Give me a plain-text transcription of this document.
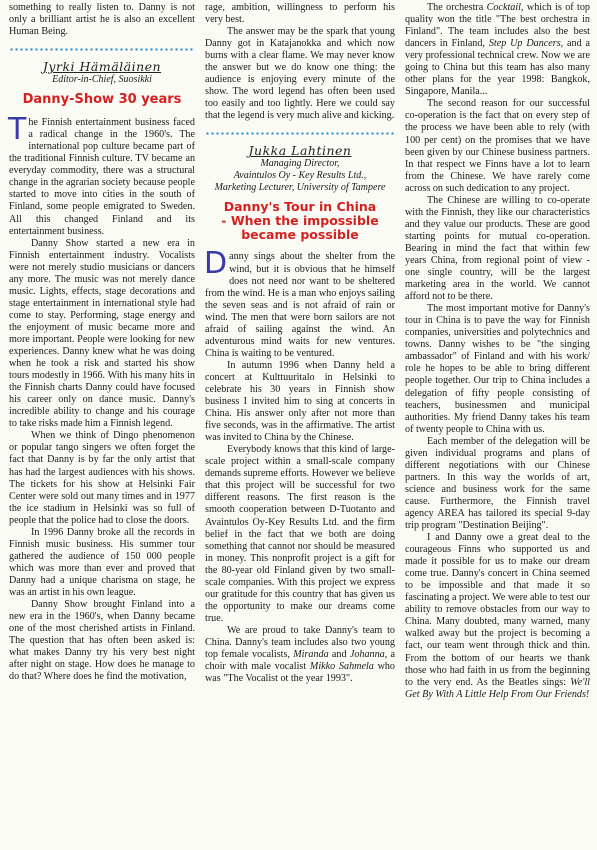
something to really listen to. Danny is not only a brilliant artist he is also an excellent Human Being.

Jyrki Hämäläinen
Editor-in-Chief, Suosikki
Danny-Show 30 years

The Finnish entertainment business faced a radical change in the 1960's. The international pop culture became part of the traditional Finnish culture. TV became an everyday commodity, there was a structural change in the agrarian society because people started to move into cities in the south of Finland, some people emigrated to Sweden. All this changed Finland and its entertainment business.

Danny Show started a new era in Finnish entertainment industry. Vocalists were not merely studio musicians or dancers any more. The music was not merely dance music. Lights, effects, stage decorations and stage entertainment in international style had come to stay. Performing, stage energy and the enjoyment of music became more and more important. People were looking for new experiences. Danny knew what he was doing when he took a risk and started his show tours modestly in 1966. With his many hits in the Finnish charts Danny could have focused his career only on dance music. Danny's incredible ability to change and his courage to take risks made him a Finnish legend.

When we think of Dingo phenomenon or popular tango singers we often forget the fact that Danny is by far the only artist that has had the largest audiences with his shows. The tickets for his show at Helsinki Fair Center were sold out many times and in 1977 the ice stadium in Helsinki was so full of people that the police had to close the doors.

In 1996 Danny broke all the records in Finnish music business. His summer tour gathered the audience of 150 000 people which was more than ever and proved that Danny had a unique charisma on stage, he was an artist in his own league.

Danny Show brought Finland into a new era in the 1960's, when Danny became one of the most cherished artists in Finland. The question that has often been asked is: what makes Danny try his very best night after night on stage. How does he manage to do that? Where does he find the motivation,

rage, ambition, willingness to perform his very best.

The answer may be the spark that young Danny got in Katajanokka and which now burns with a clear flame. We may never know the answer but we do know one thing: the audience is enjoying every minute of the show. The word legend has often been used too easily and too lightly. Here we could say that the legend is very much alive and kicking.

Jukka Lahtinen
Managing Director,
Avaintulos Oy - Key Results Ltd.,
Marketing Lecturer, University of Tampere
Danny's Tour in China
- When the impossible
became possible

Danny sings about the shelter from the wind, but it is obvious that he himself does not need nor want to be sheltered from the wind. He is a man who enjoys sailing the seven seas and is not afraid of rain or wind. The men that were born sailors are not afraid of sailing against the wind. An adventurous mind waits for new ventures. China is waiting to be ventured.

In autumn 1996 when Danny held a concert at Kulttuuritalo in Helsinki to celebrate his 30 years in Finnish show business I invited him to sing at concerts in China. His answer only after not more than five seconds, was in the affirmative. The artist was invited to China by the Chinese.

Everybody knows that this kind of large-scale project within a small-scale company demands supreme efforts. However we believe that this project will be successful for two different reasons. The first reason is the smooth cooperation between D-Tuotanto and Avaintulos Oy-Key Results Ltd. and the firm belief in the fact that we both are doing something that cannot nor should be measured in money. This nonprofit project is a gift for the 80-year old Finland given by two small-scale companies. With this project we express our gratitude for this country that has given us the opportunity to make our dreams come true.

We are proud to take Danny's team to China. Danny's team includes also two young top female vocalists, Miranda and Johanna, a choir with male vocalist Mikko Sahmela who was "The Vocalist ot the year 1993".

The orchestra Cocktail, which is of top quality won the title "The best orchestra in Finland". The team includes also the best dancers in Finland, Step Up Dancers, and a very professional technical crew. Now we are going to China but this team has also many other plans for the year 1998: Bangkok, Singapore, Manila...

The second reason for our successful co-operation is the fact that on every step of the process we have been able to rely (with 100 per cent) on the promises that we have been given by our Chinese business partners. In that respect we Finns have a lot to learn from the Chinese. We have rarely come across on such dedication to any project.

The Chinese are willing to co-operate with the Finnish, they like our characteristics and they value our products. These are good starting points for mutual co-operation. Bearing in mind the fact that within few years China, from regional point of view - one single country, will be the largest marketing area in the world. We cannot afford not to be there.

The most important motive for Danny's tour in China is to pave the way for Finnish companies, universities and polytechnics and towns. Danny wishes to be "the singing ambassador" of Finland and with his work/ role he hopes to be able to bring different people together. Our trip to China includes a delegation of fifty people consisting of teachers, businessmen and municipal authorities. My friend Danny takes his team of twenty people to China with us.

Each member of the delegation will be given individual programs and plans of different negotiations with our Chinese partners. In this way the worlds of art, science and business work for the same cause. Furthermore, the Finnish travel agency AREA has tailored its special 9-day trip program "Destination Beijing".

I and Danny owe a great deal to the courageous Finns who supported us and made it possible for us to make our dream come true. Danny's concert in China seemed to be impossible and that made it so fascinating a project. We were able to test our ability to remove obstacles from our way to China. Many doubted, many warned, many walked away but the project is becoming a fact, our team went through thick and thin. From the bottom of our hearts we thank those who had faith in us from the beginning to the very end. As the Beatles sings: We'll Get By With A Little Help From Our Friends!
